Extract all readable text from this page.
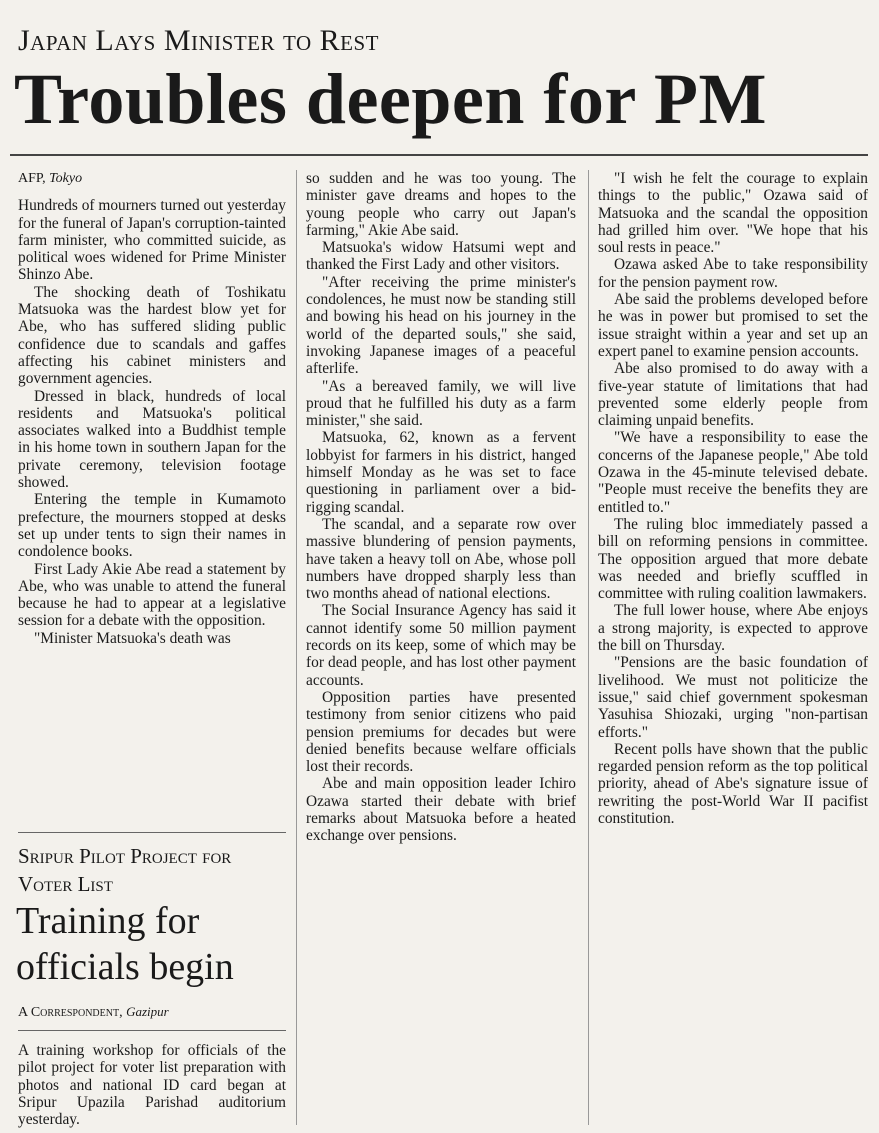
Japan Lays Minister to Rest
Troubles deepen for PM
AFP, Tokyo

Hundreds of mourners turned out yesterday for the funeral of Japan's corruption-tainted farm minister, who committed suicide, as political woes widened for Prime Minister Shinzo Abe.

The shocking death of Toshikatu Matsuoka was the hardest blow yet for Abe, who has suffered sliding public confidence due to scandals and gaffes affecting his cabinet ministers and government agencies.

Dressed in black, hundreds of local residents and Matsuoka's political associates walked into a Buddhist temple in his home town in southern Japan for the private ceremony, television footage showed.

Entering the temple in Kumamoto prefecture, the mourners stopped at desks set up under tents to sign their names in condolence books.

First Lady Akie Abe read a statement by Abe, who was unable to attend the funeral because he had to appear at a legislative session for a debate with the opposition.

"Minister Matsuoka's death was

Sripur Pilot Project for Voter List
Training for officials begin
A Correspondent, Gazipur

A training workshop for officials of the pilot project for voter list preparation with photos and national ID card began at Sripur Upazila Parishad auditorium yesterday.

so sudden and he was too young. The minister gave dreams and hopes to the young people who carry out Japan's farming," Akie Abe said.

Matsuoka's widow Hatsumi wept and thanked the First Lady and other visitors.

"After receiving the prime minister's condolences, he must now be standing still and bowing his head on his journey in the world of the departed souls," she said, invoking Japanese images of a peaceful afterlife.

"As a bereaved family, we will live proud that he fulfilled his duty as a farm minister," she said.

Matsuoka, 62, known as a fervent lobbyist for farmers in his district, hanged himself Monday as he was set to face questioning in parliament over a bid-rigging scandal.

The scandal, and a separate row over massive blundering of pension payments, have taken a heavy toll on Abe, whose poll numbers have dropped sharply less than two months ahead of national elections.

The Social Insurance Agency has said it cannot identify some 50 million payment records on its keep, some of which may be for dead people, and has lost other payment accounts.

Opposition parties have presented testimony from senior citizens who paid pension premiums for decades but were denied benefits because welfare officials lost their records.

Abe and main opposition leader Ichiro Ozawa started their debate with brief remarks about Matsuoka before a heated exchange over pensions.

"I wish he felt the courage to explain things to the public," Ozawa said of Matsuoka and the scandal the opposition had grilled him over. "We hope that his soul rests in peace."

Ozawa asked Abe to take responsibility for the pension payment row.

Abe said the problems developed before he was in power but promised to set the issue straight within a year and set up an expert panel to examine pension accounts.

Abe also promised to do away with a five-year statute of limitations that had prevented some elderly people from claiming unpaid benefits.

"We have a responsibility to ease the concerns of the Japanese people," Abe told Ozawa in the 45-minute televised debate. "People must receive the benefits they are entitled to."

The ruling bloc immediately passed a bill on reforming pensions in committee. The opposition argued that more debate was needed and briefly scuffled in committee with ruling coalition lawmakers.

The full lower house, where Abe enjoys a strong majority, is expected to approve the bill on Thursday.

"Pensions are the basic foundation of livelihood. We must not politicize the issue," said chief government spokesman Yasuhisa Shiozaki, urging "non-partisan efforts."

Recent polls have shown that the public regarded pension reform as the top political priority, ahead of Abe's signature issue of rewriting the post-World War II pacifist constitution.
